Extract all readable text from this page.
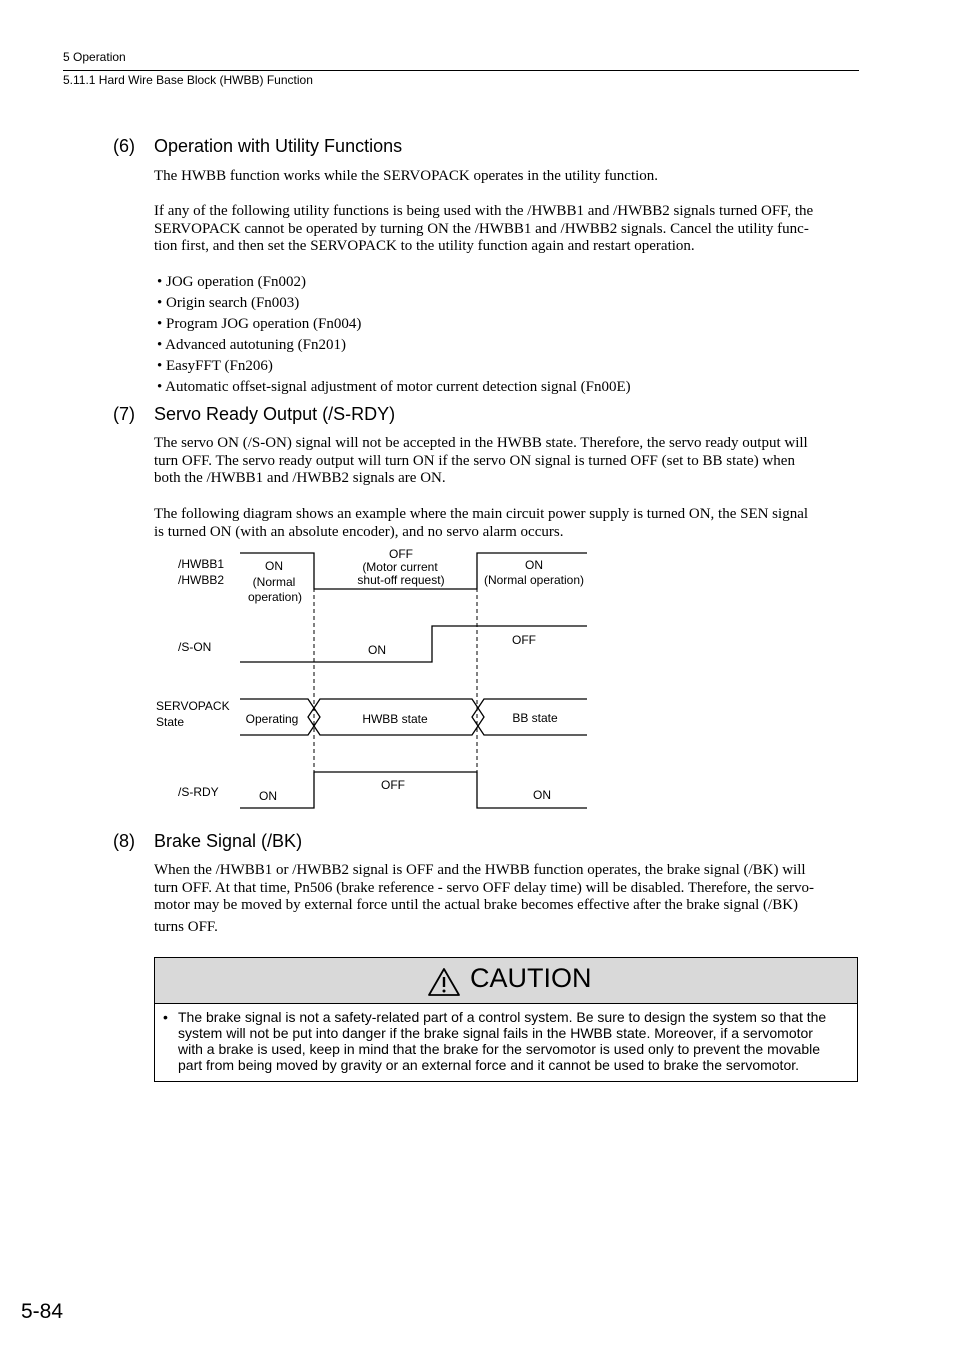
5 Operation
5.11.1 Hard Wire Base Block (HWBB) Function
(6) Operation with Utility Functions
The HWBB function works while the SERVOPACK operates in the utility function.
If any of the following utility functions is being used with the /HWBB1 and /HWBB2 signals turned OFF, the
SERVOPACK cannot be operated by turning ON the /HWBB1 and /HWBB2 signals. Cancel the utility func-
tion first, and then set the SERVOPACK to the utility function again and restart operation.
• JOG operation (Fn002)
• Origin search (Fn003)
• Program JOG operation (Fn004)
• Advanced autotuning (Fn201)
• EasyFFT (Fn206)
• Automatic offset-signal adjustment of motor current detection signal (Fn00E)
(7) Servo Ready Output (/S-RDY)
The servo ON (/S-ON) signal will not be accepted in the HWBB state. Therefore, the servo ready output will
turn OFF. The servo ready output will turn ON if the servo ON signal is turned OFF (set to BB state) when
both the /HWBB1 and /HWBB2 signals are ON.
The following diagram shows an example where the main circuit power supply is turned ON, the SEN signal
is turned ON (with an absolute encoder), and no servo alarm occurs.
/HWBB1
/HWBB2
ON
(Normal
operation)
OFF
(Motor current
shut-off request)
ON
(Normal operation)
/S-ON	ON
OFF
SERVOPACK
State	Operating	HWBB state	BB state
/S-RDY	ON
OFF
ON
(8) Brake Signal (/BK)
When the /HWBB1 or /HWBB2 signal is OFF and the HWBB function operates, the brake signal (/BK) will
turn OFF. At that time, Pn506 (brake reference - servo OFF delay time) will be disabled. Therefore, the servo-
motor may be moved by external force until the actual brake becomes effective after the brake signal (/BK)
turns OFF.
CAUTION
• The brake signal is not a safety-related part of a control system. Be sure to design the system so that the
system will not be put into danger if the brake signal fails in the HWBB state. Moreover, if a servomotor
with a brake is used, keep in mind that the brake for the servomotor is used only to prevent the movable
part from being moved by gravity or an external force and it cannot be used to brake the servomotor.
5-84
